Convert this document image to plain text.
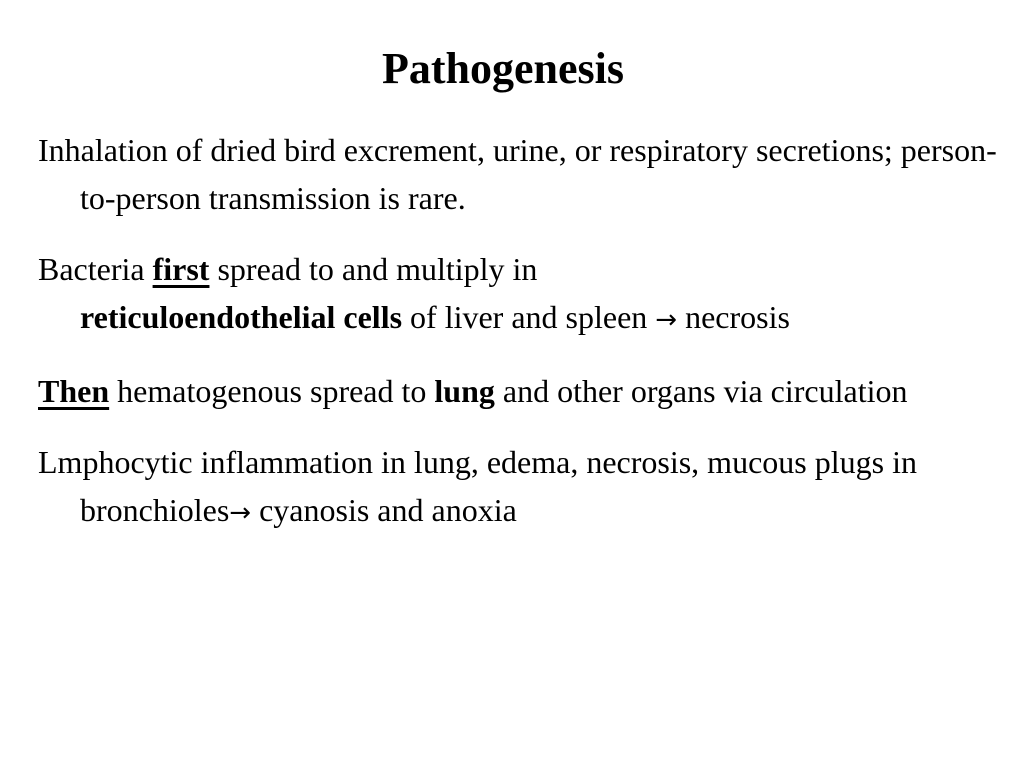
Pathogenesis

Inhalation of dried bird excrement, urine, or respiratory secretions; person-to-person transmission is rare.

Bacteria first spread to and multiply in
reticuloendothelial cells of liver and spleen → necrosis

Then hematogenous spread to lung and other organs via circulation

Lmphocytic inflammation in lung, edema, necrosis, mucous plugs in bronchioles→ cyanosis and anoxia
